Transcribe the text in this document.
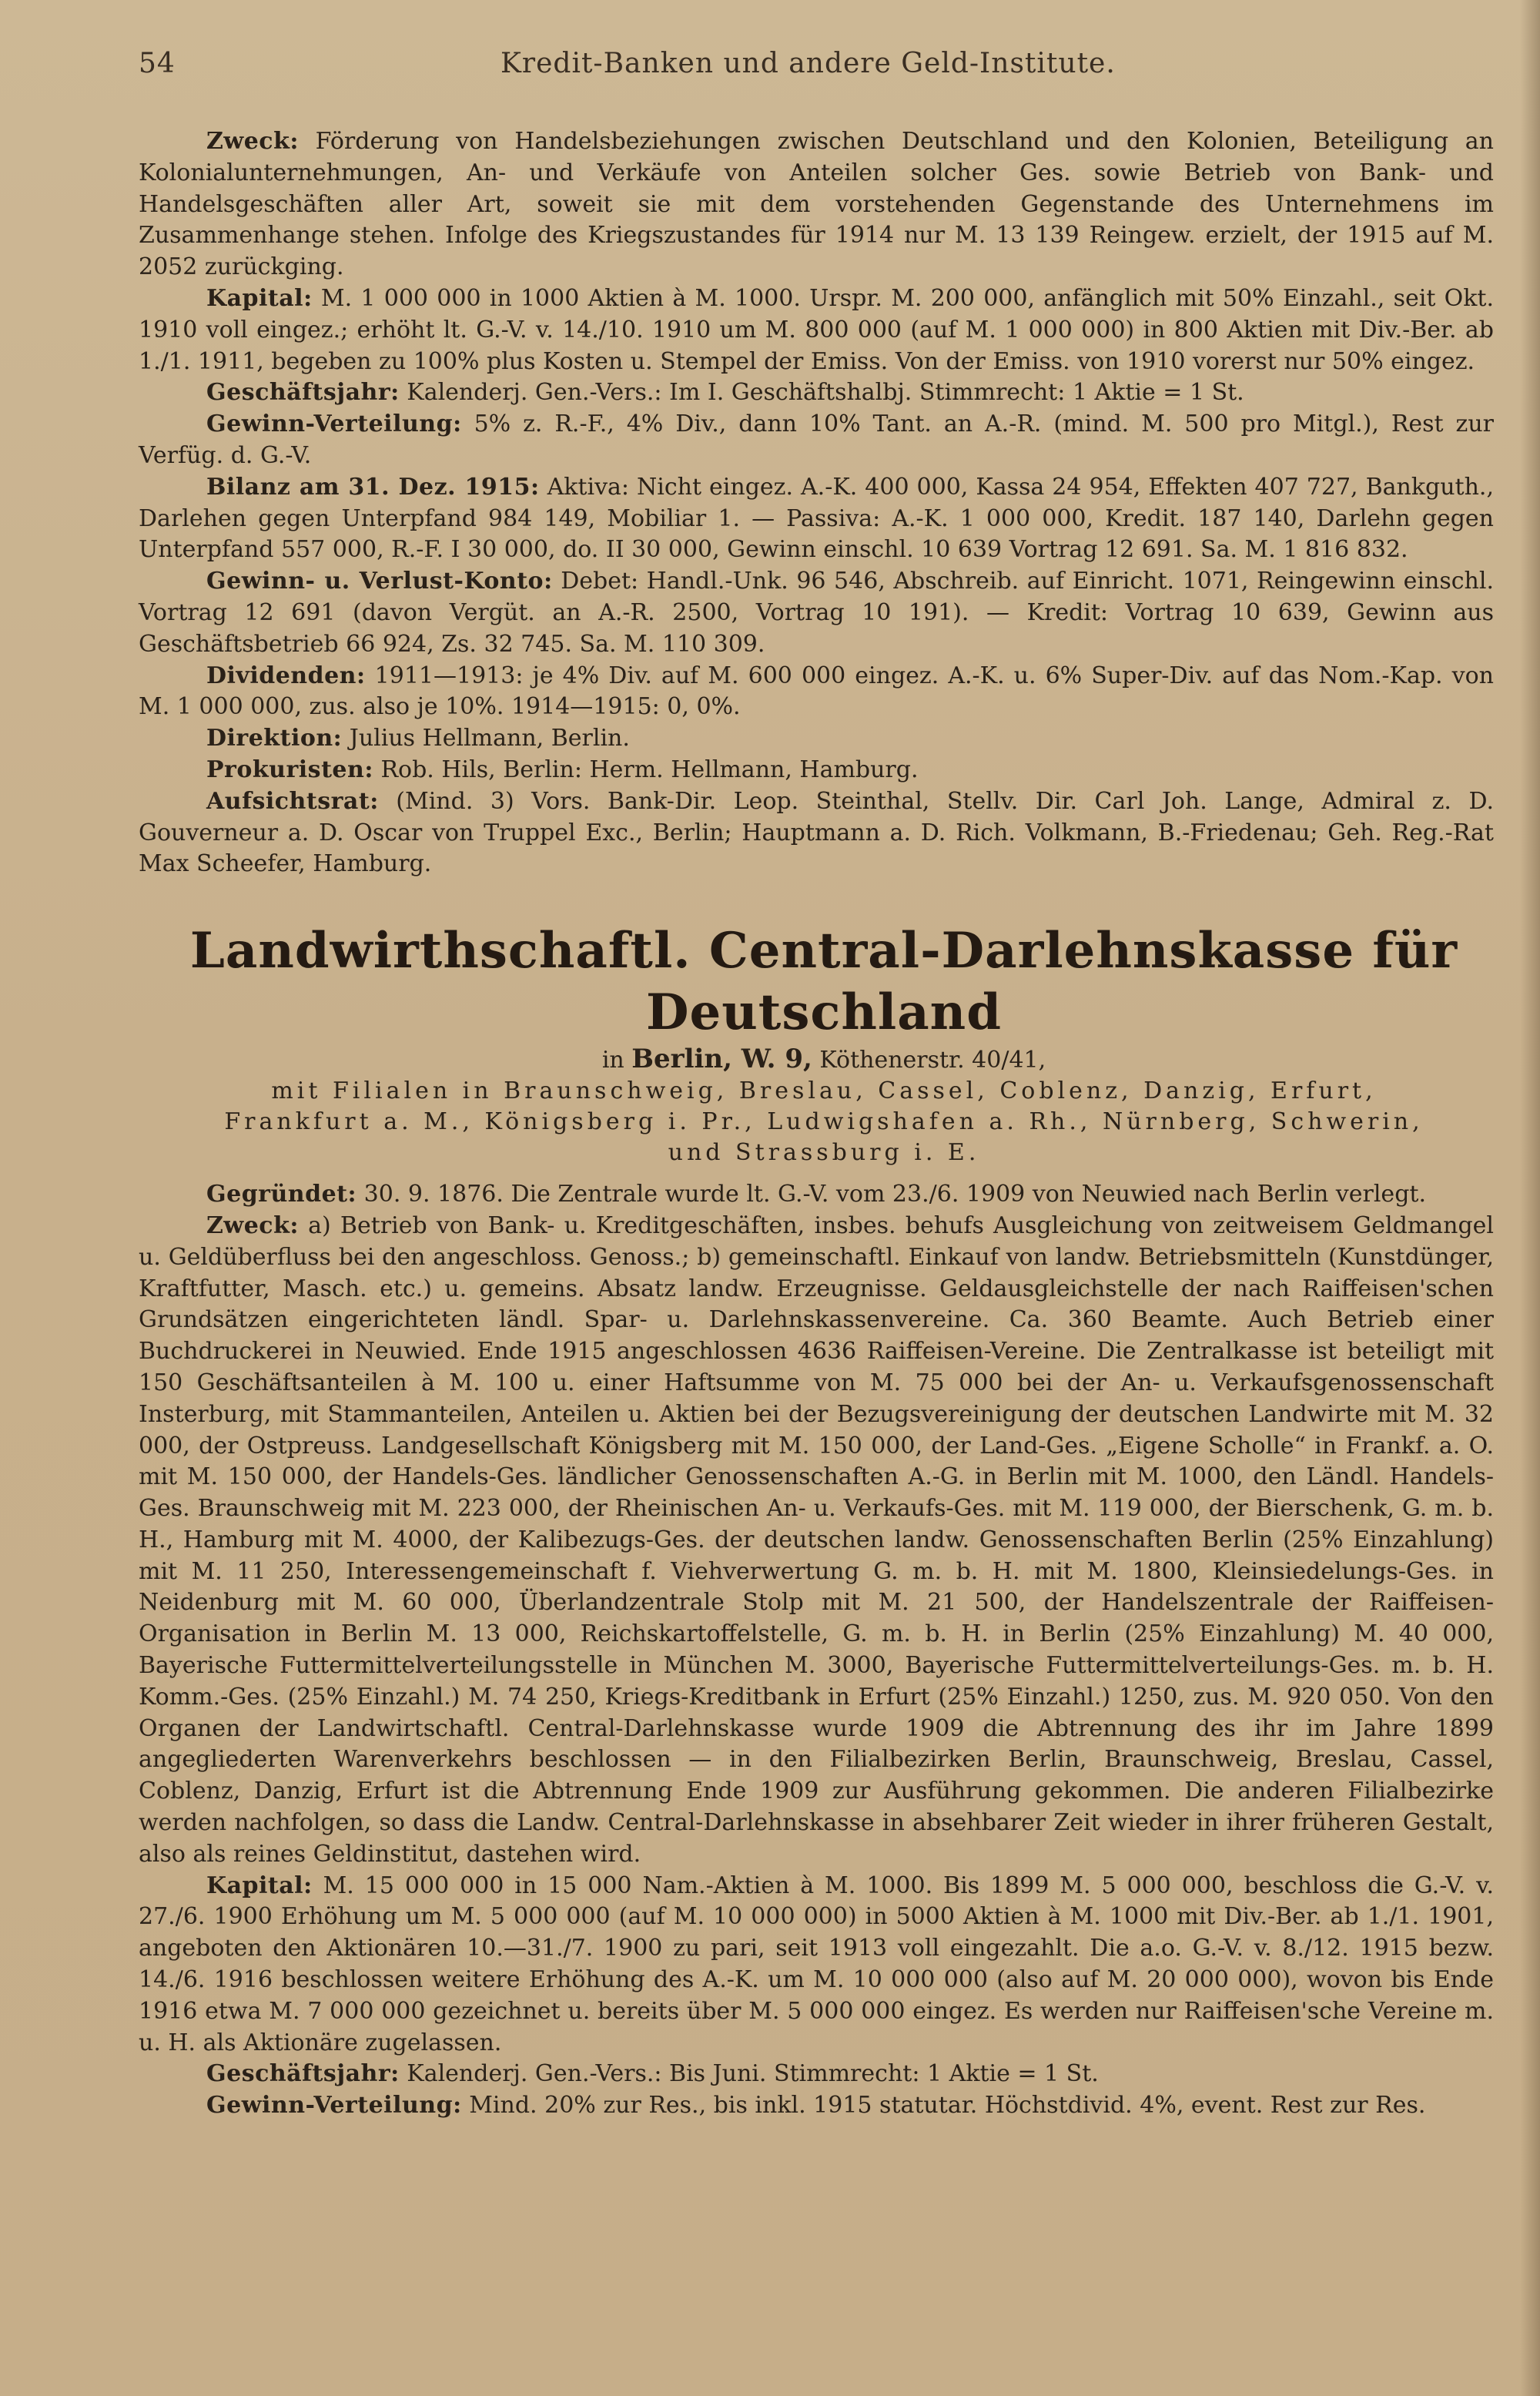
54	Kredit-Banken und andere Geld-Institute.

Zweck: Förderung von Handelsbeziehungen zwischen Deutschland und den Kolonien, Beteiligung an Kolonialunternehmungen, An- und Verkäufe von Anteilen solcher Ges. sowie Betrieb von Bank- und Handelsgeschäften aller Art, soweit sie mit dem vorstehenden Gegenstande des Unternehmens im Zusammenhange stehen. Infolge des Kriegszustandes für 1914 nur M. 13 139 Reingew. erzielt, der 1915 auf M. 2052 zurückging.

Kapital: M. 1 000 000 in 1000 Aktien à M. 1000. Urspr. M. 200 000, anfänglich mit 50% Einzahl., seit Okt. 1910 voll eingez.; erhöht lt. G.-V. v. 14./10. 1910 um M. 800 000 (auf M. 1 000 000) in 800 Aktien mit Div.-Ber. ab 1./1. 1911, begeben zu 100% plus Kosten u. Stempel der Emiss. Von der Emiss. von 1910 vorerst nur 50% eingez.

Geschäftsjahr: Kalenderj. Gen.-Vers.: Im I. Geschäftshalbj. Stimmrecht: 1 Aktie = 1 St.

Gewinn-Verteilung: 5% z. R.-F., 4% Div., dann 10% Tant. an A.-R. (mind. M. 500 pro Mitgl.), Rest zur Verfüg. d. G.-V.

Bilanz am 31. Dez. 1915: Aktiva: Nicht eingez. A.-K. 400 000, Kassa 24 954, Effekten 407 727, Bankguth., Darlehen gegen Unterpfand 984 149, Mobiliar 1. — Passiva: A.-K. 1 000 000, Kredit. 187 140, Darlehn gegen Unterpfand 557 000, R.-F. I 30 000, do. II 30 000, Gewinn einschl. 10 639 Vortrag 12 691. Sa. M. 1 816 832.

Gewinn- u. Verlust-Konto: Debet: Handl.-Unk. 96 546, Abschreib. auf Einricht. 1071, Reingewinn einschl. Vortrag 12 691 (davon Vergüt. an A.-R. 2500, Vortrag 10 191). — Kredit: Vortrag 10 639, Gewinn aus Geschäftsbetrieb 66 924, Zs. 32 745. Sa. M. 110 309.

Dividenden: 1911—1913: je 4% Div. auf M. 600 000 eingez. A.-K. u. 6% Super-Div. auf das Nom.-Kap. von M. 1 000 000, zus. also je 10%. 1914—1915: 0, 0%.

Direktion: Julius Hellmann, Berlin.

Prokuristen: Rob. Hils, Berlin: Herm. Hellmann, Hamburg.

Aufsichtsrat: (Mind. 3) Vors. Bank-Dir. Leop. Steinthal, Stellv. Dir. Carl Joh. Lange, Admiral z. D. Gouverneur a. D. Oscar von Truppel Exc., Berlin; Hauptmann a. D. Rich. Volkmann, B.-Friedenau; Geh. Reg.-Rat Max Scheefer, Hamburg.

Landwirthschaftl. Central-Darlehnskasse für Deutschland
in Berlin, W. 9, Köthenerstr. 40/41,
mit Filialen in Braunschweig, Breslau, Cassel, Coblenz, Danzig, Erfurt,
Frankfurt a. M., Königsberg i. Pr., Ludwigshafen a. Rh., Nürnberg, Schwerin,
und Strassburg i. E.

Gegründet: 30. 9. 1876. Die Zentrale wurde lt. G.-V. vom 23./6. 1909 von Neuwied nach Berlin verlegt.

Zweck: a) Betrieb von Bank- u. Kreditgeschäften, insbes. behufs Ausgleichung von zeitweisem Geldmangel u. Geldüberfluss bei den angeschloss. Genoss.; b) gemeinschaftl. Einkauf von landw. Betriebsmitteln (Kunstdünger, Kraftfutter, Masch. etc.) u. gemeins. Absatz landw. Erzeugnisse. Geldausgleichstelle der nach Raiffeisen'schen Grundsätzen eingerichteten ländl. Spar- u. Darlehnskassenvereine. Ca. 360 Beamte. Auch Betrieb einer Buchdruckerei in Neuwied. Ende 1915 angeschlossen 4636 Raiffeisen-Vereine. Die Zentralkasse ist beteiligt mit 150 Geschäftsanteilen à M. 100 u. einer Haftsumme von M. 75 000 bei der An- u. Verkaufsgenossenschaft Insterburg, mit Stammanteilen, Anteilen u. Aktien bei der Bezugsvereinigung der deutschen Landwirte mit M. 32 000, der Ostpreuss. Landgesellschaft Königsberg mit M. 150 000, der Land-Ges. „Eigene Scholle“ in Frankf. a. O. mit M. 150 000, der Handels-Ges. ländlicher Genossenschaften A.-G. in Berlin mit M. 1000, den Ländl. Handels-Ges. Braunschweig mit M. 223 000, der Rheinischen An- u. Verkaufs-Ges. mit M. 119 000, der Bierschenk, G. m. b. H., Hamburg mit M. 4000, der Kalibezugs-Ges. der deutschen landw. Genossenschaften Berlin (25% Einzahlung) mit M. 11 250, Interessengemeinschaft f. Viehverwertung G. m. b. H. mit M. 1800, Kleinsiedelungs-Ges. in Neidenburg mit M. 60 000, Überlandzentrale Stolp mit M. 21 500, der Handelszentrale der Raiffeisen-Organisation in Berlin M. 13 000, Reichskartoffelstelle, G. m. b. H. in Berlin (25% Einzahlung) M. 40 000, Bayerische Futtermittelverteilungsstelle in München M. 3000, Bayerische Futtermittelverteilungs-Ges. m. b. H. Komm.-Ges. (25% Einzahl.) M. 74 250, Kriegs-Kreditbank in Erfurt (25% Einzahl.) 1250, zus. M. 920 050. Von den Organen der Landwirtschaftl. Central-Darlehnskasse wurde 1909 die Abtrennung des ihr im Jahre 1899 angegliederten Warenverkehrs beschlossen — in den Filialbezirken Berlin, Braunschweig, Breslau, Cassel, Coblenz, Danzig, Erfurt ist die Abtrennung Ende 1909 zur Ausführung gekommen. Die anderen Filialbezirke werden nachfolgen, so dass die Landw. Central-Darlehnskasse in absehbarer Zeit wieder in ihrer früheren Gestalt, also als reines Geldinstitut, dastehen wird.

Kapital: M. 15 000 000 in 15 000 Nam.-Aktien à M. 1000. Bis 1899 M. 5 000 000, beschloss die G.-V. v. 27./6. 1900 Erhöhung um M. 5 000 000 (auf M. 10 000 000) in 5000 Aktien à M. 1000 mit Div.-Ber. ab 1./1. 1901, angeboten den Aktionären 10.—31./7. 1900 zu pari, seit 1913 voll eingezahlt. Die a.o. G.-V. v. 8./12. 1915 bezw. 14./6. 1916 beschlossen weitere Erhöhung des A.-K. um M. 10 000 000 (also auf M. 20 000 000), wovon bis Ende 1916 etwa M. 7 000 000 gezeichnet u. bereits über M. 5 000 000 eingez. Es werden nur Raiffeisen'sche Vereine m. u. H. als Aktionäre zugelassen.

Geschäftsjahr: Kalenderj. Gen.-Vers.: Bis Juni. Stimmrecht: 1 Aktie = 1 St.

Gewinn-Verteilung: Mind. 20% zur Res., bis inkl. 1915 statutar. Höchstdivid. 4%, event. Rest zur Res.
